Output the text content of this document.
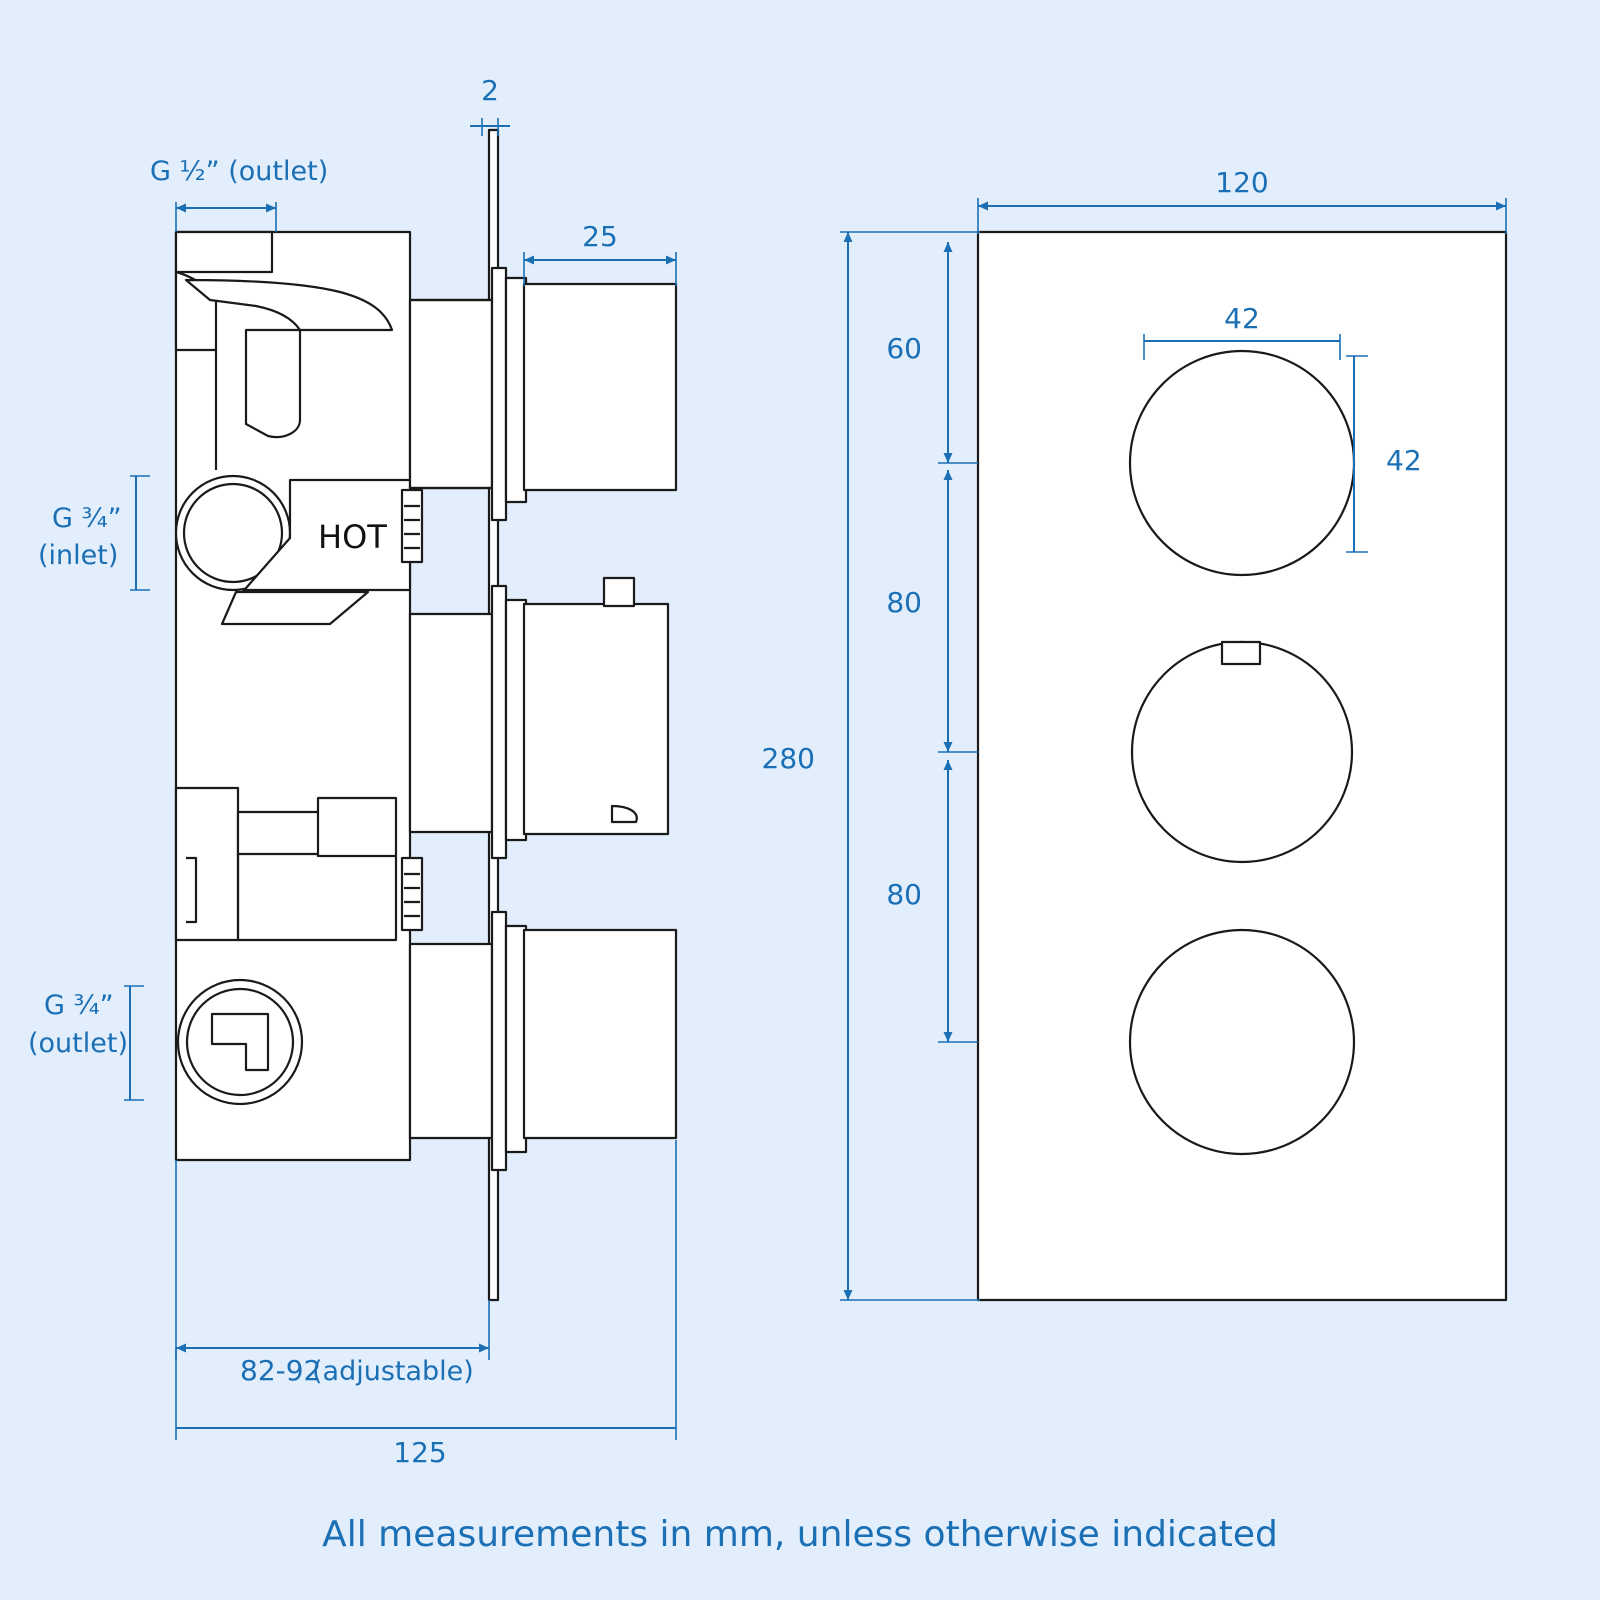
HOT
2
G ½” (outlet)
25
G ¾”
(inlet)
G ¾”
(outlet)
82-92
(adjustable)
125
120
280
60
80
80
42
42
All measurements in mm, unless otherwise indicated
